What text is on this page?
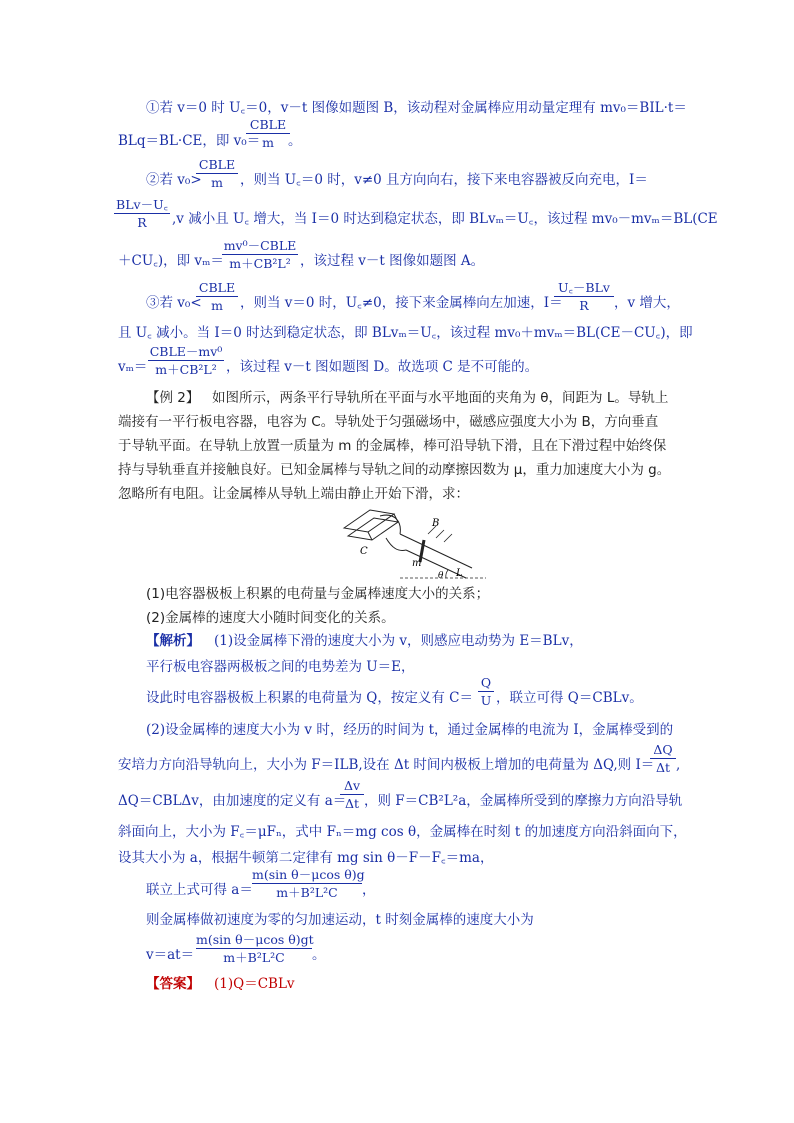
①若 v＝0 时 U꜀＝0，v－t 图像如题图 B，该动程对金属棒应用动量定理有 mv₀＝BIL·t＝
BLq＝BL·CE，即 v₀＝
CBLE
m	。
②若 v₀>
CBLE
m	，则当 U꜀＝0 时，v≠0 且方向向右，接下来电容器被反向充电，I＝
BLv－U꜀
R	,v 减小且 U꜀ 增大，当 I＝0 时达到稳定状态，即 BLvₘ＝U꜀，该过程 mv₀－mvₘ＝BL(CE
＋CU꜀)，即 vₘ＝
mv⁰－CBLE
m＋CB²L² ，该过程 v－t 图像如题图 A。
③若 v₀<
CBLE
m	，则当 v＝0 时，U꜀≠0，接下来金属棒向左加速，I＝
U꜀－BLv
R	，v 增大，
且 U꜀ 减小。当 I＝0 时达到稳定状态，即 BLvₘ＝U꜀，该过程 mv₀＋mvₘ＝BL(CE－CU꜀)，即
vₘ＝
CBLE－mv⁰
m＋CB²L² ，该过程 v－t 图如题图 D。故选项 C 是不可能的。
【例 2】 如图所示，两条平行导轨所在平面与水平地面的夹角为 θ，间距为 L。导轨上
端接有一平行板电容器，电容为 C。导轨处于匀强磁场中，磁感应强度大小为 B，方向垂直
于导轨平面。在导轨上放置一质量为 m 的金属棒，棒可沿导轨下滑，且在下滑过程中始终保
持与导轨垂直并接触良好。已知金属棒与导轨之间的动摩擦因数为 μ，重力加速度大小为 g。
忽略所有电阻。让金属棒从导轨上端由静止开始下滑，求：
C
m
B
θ L
(1)电容器极板上积累的电荷量与金属棒速度大小的关系；
(2)金属棒的速度大小随时间变化的关系。
【解析】 (1)设金属棒下滑的速度大小为 v，则感应电动势为 E＝BLv，
平行板电容器两极板之间的电势差为 U＝E，
设此时电容器极板上积累的电荷量为 Q，按定义有 C＝
Q
U ，联立可得 Q＝CBLv。
(2)设金属棒的速度大小为 v 时，经历的时间为 t，通过金属棒的电流为 I，金属棒受到的
安培力方向沿导轨向上，大小为 F＝ILB,设在 Δt 时间内极板上增加的电荷量为 ΔQ,则 I＝
ΔQ
Δt ,
ΔQ＝CBLΔv，由加速度的定义有 a＝
Δv
Δt ，则 F＝CB²L²a，金属棒所受到的摩擦力方向沿导轨
斜面向上，大小为 F꜀＝μFₙ，式中 Fₙ＝mg cos θ，金属棒在时刻 t 的加速度方向沿斜面向下，
设其大小为 a，根据牛顿第二定律有 mg sin θ－F－F꜀＝ma，
联立上式可得 a＝
m(sin θ－μcos θ)g
m＋B²L²C	，
则金属棒做初速度为零的匀加速运动，t 时刻金属棒的速度大小为
v＝at＝
m(sin θ－μcos θ)gt
m＋B²L²C	。
【答案】 (1)Q＝CBLv
